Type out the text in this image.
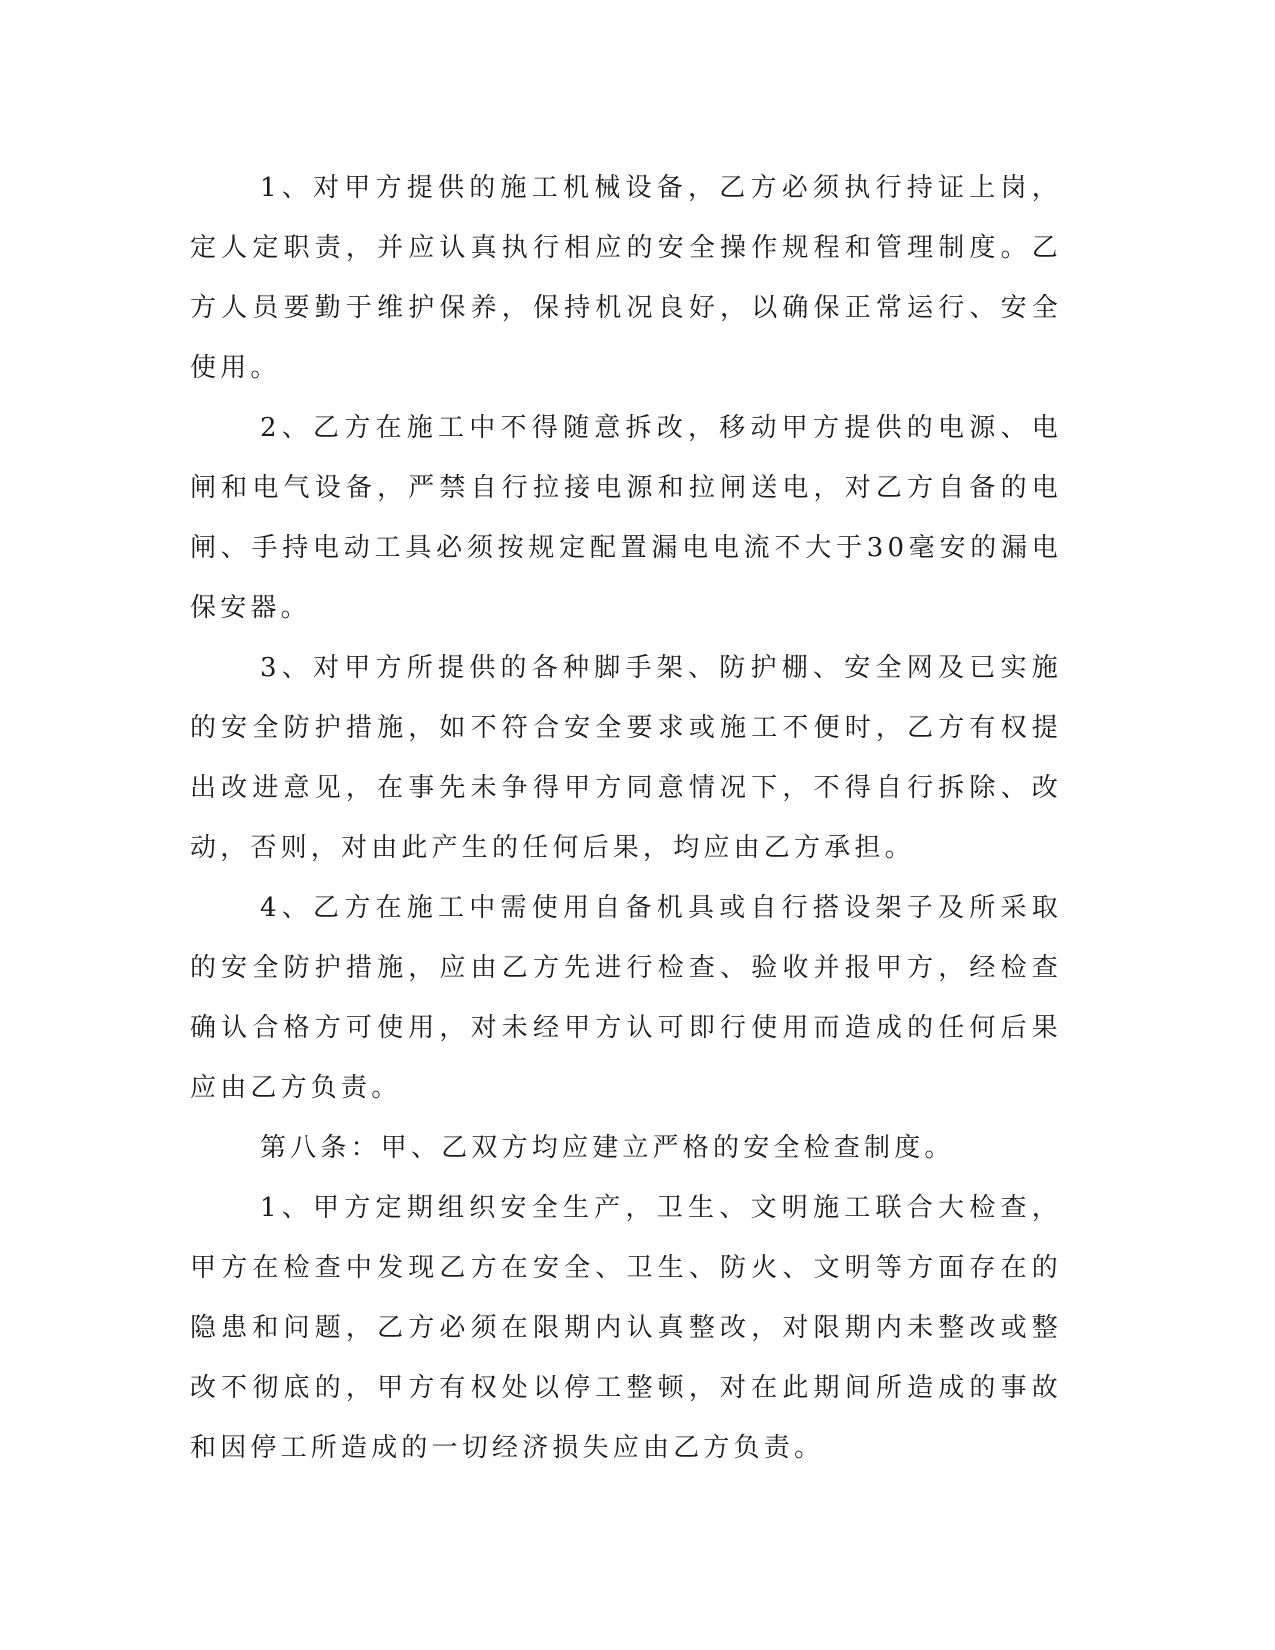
1、对甲方提供的施工机械设备，乙方必须执行持证上岗，定人定职责，并应认真执行相应的安全操作规程和管理制度。乙方人员要勤于维护保养，保持机况良好，以确保正常运行、安全使用。

2、乙方在施工中不得随意拆改，移动甲方提供的电源、电闸和电气设备，严禁自行拉接电源和拉闸送电，对乙方自备的电闸、手持电动工具必须按规定配置漏电电流不大于30毫安的漏电保安器。

3、对甲方所提供的各种脚手架、防护棚、安全网及已实施的安全防护措施，如不符合安全要求或施工不便时，乙方有权提出改进意见，在事先未争得甲方同意情况下，不得自行拆除、改动，否则，对由此产生的任何后果，均应由乙方承担。

4、乙方在施工中需使用自备机具或自行搭设架子及所采取的安全防护措施，应由乙方先进行检查、验收并报甲方，经检查确认合格方可使用，对未经甲方认可即行使用而造成的任何后果应由乙方负责。

第八条：甲、乙双方均应建立严格的安全检查制度。

1、甲方定期组织安全生产，卫生、文明施工联合大检查，甲方在检查中发现乙方在安全、卫生、防火、文明等方面存在的隐患和问题，乙方必须在限期内认真整改，对限期内未整改或整改不彻底的，甲方有权处以停工整顿，对在此期间所造成的事故和因停工所造成的一切经济损失应由乙方负责。
